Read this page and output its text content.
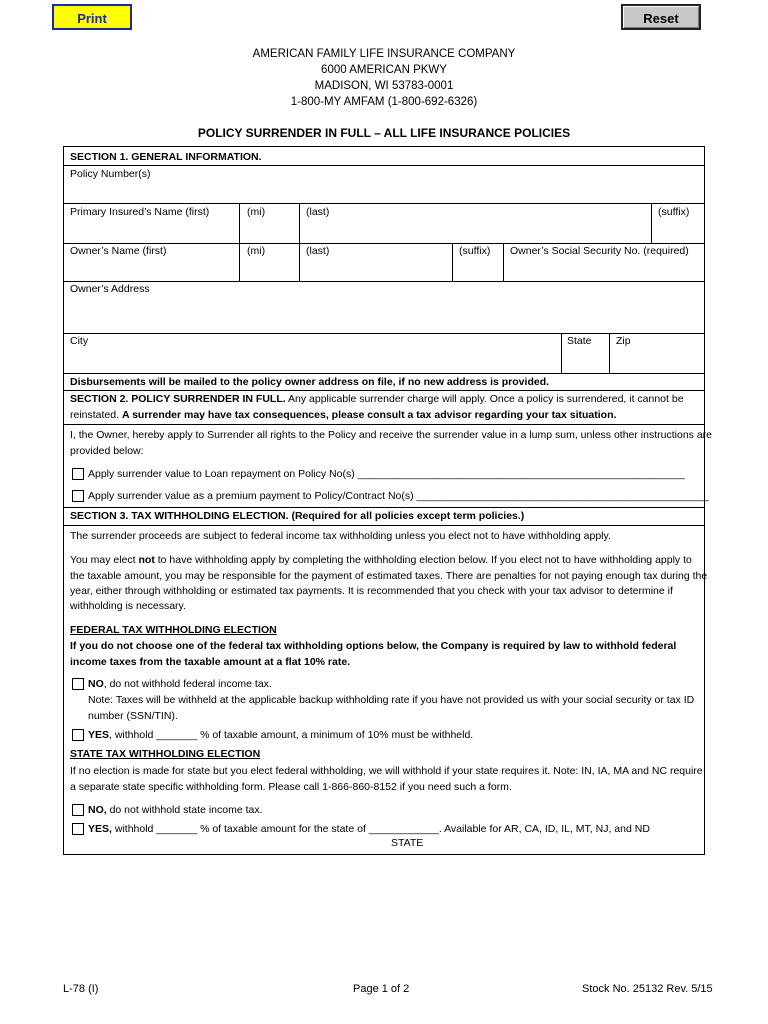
Print	Reset
AMERICAN FAMILY LIFE INSURANCE COMPANY
6000 AMERICAN PKWY
MADISON, WI 53783-0001
1-800-MY AMFAM (1-800-692-6326)
POLICY SURRENDER IN FULL – ALL LIFE INSURANCE POLICIES
SECTION 1. GENERAL INFORMATION.
Policy Number(s)
Primary Insured’s Name (first)	(mi)	(last)	(suffix)
Owner’s Name (first)	(mi)	(last)	(suffix) Owner’s Social Security No. (required)
Owner’s Address
City	State Zip
Disbursements will be mailed to the policy owner address on file, if no new address is provided.
SECTION 2. POLICY SURRENDER IN FULL. Any applicable surrender charge will apply. Once a policy is surrendered, it cannot be
reinstated. A surrender may have tax consequences, please consult a tax advisor regarding your tax situation.
I, the Owner, hereby apply to Surrender all rights to the Policy and receive the surrender value in a lump sum, unless other instructions are
provided below:
Apply surrender value to Loan repayment on Policy No(s) ________________________________________________________
Apply surrender value as a premium payment to Policy/Contract No(s) __________________________________________________
SECTION 3. TAX WITHHOLDING ELECTION. (Required for all policies except term policies.)
The surrender proceeds are subject to federal income tax withholding unless you elect not to have withholding apply.
You may elect not to have withholding apply by completing the withholding election below. If you elect not to have withholding apply to
the taxable amount, you may be responsible for the payment of estimated taxes. There are penalties for not paying enough tax during the
year, either through withholding or estimated tax payments. It is recommended that you check with your tax advisor to determine if
withholding is necessary.
FEDERAL TAX WITHHOLDING ELECTION
If you do not choose one of the federal tax withholding options below, the Company is required by law to withhold federal
income taxes from the taxable amount at a flat 10% rate.
NO, do not withhold federal income tax.
Note: Taxes will be withheld at the applicable backup withholding rate if you have not provided us with your social security or tax ID
number (SSN/TIN).
YES, withhold _______ % of taxable amount, a minimum of 10% must be withheld.
STATE TAX WITHHOLDING ELECTION
If no election is made for state but you elect federal withholding, we will withhold if your state requires it. Note: IN, IA, MA and NC require
a separate state specific withholding form. Please call 1-866-860-8152 if you need such a form.
NO, do not withhold state income tax.
YES, withhold _______ % of taxable amount for the state of ____________. Available for AR, CA, ID, IL, MT, NJ, and ND
STATE
L-78 (I)	Page 1 of 2	Stock No. 25132 Rev. 5/15
